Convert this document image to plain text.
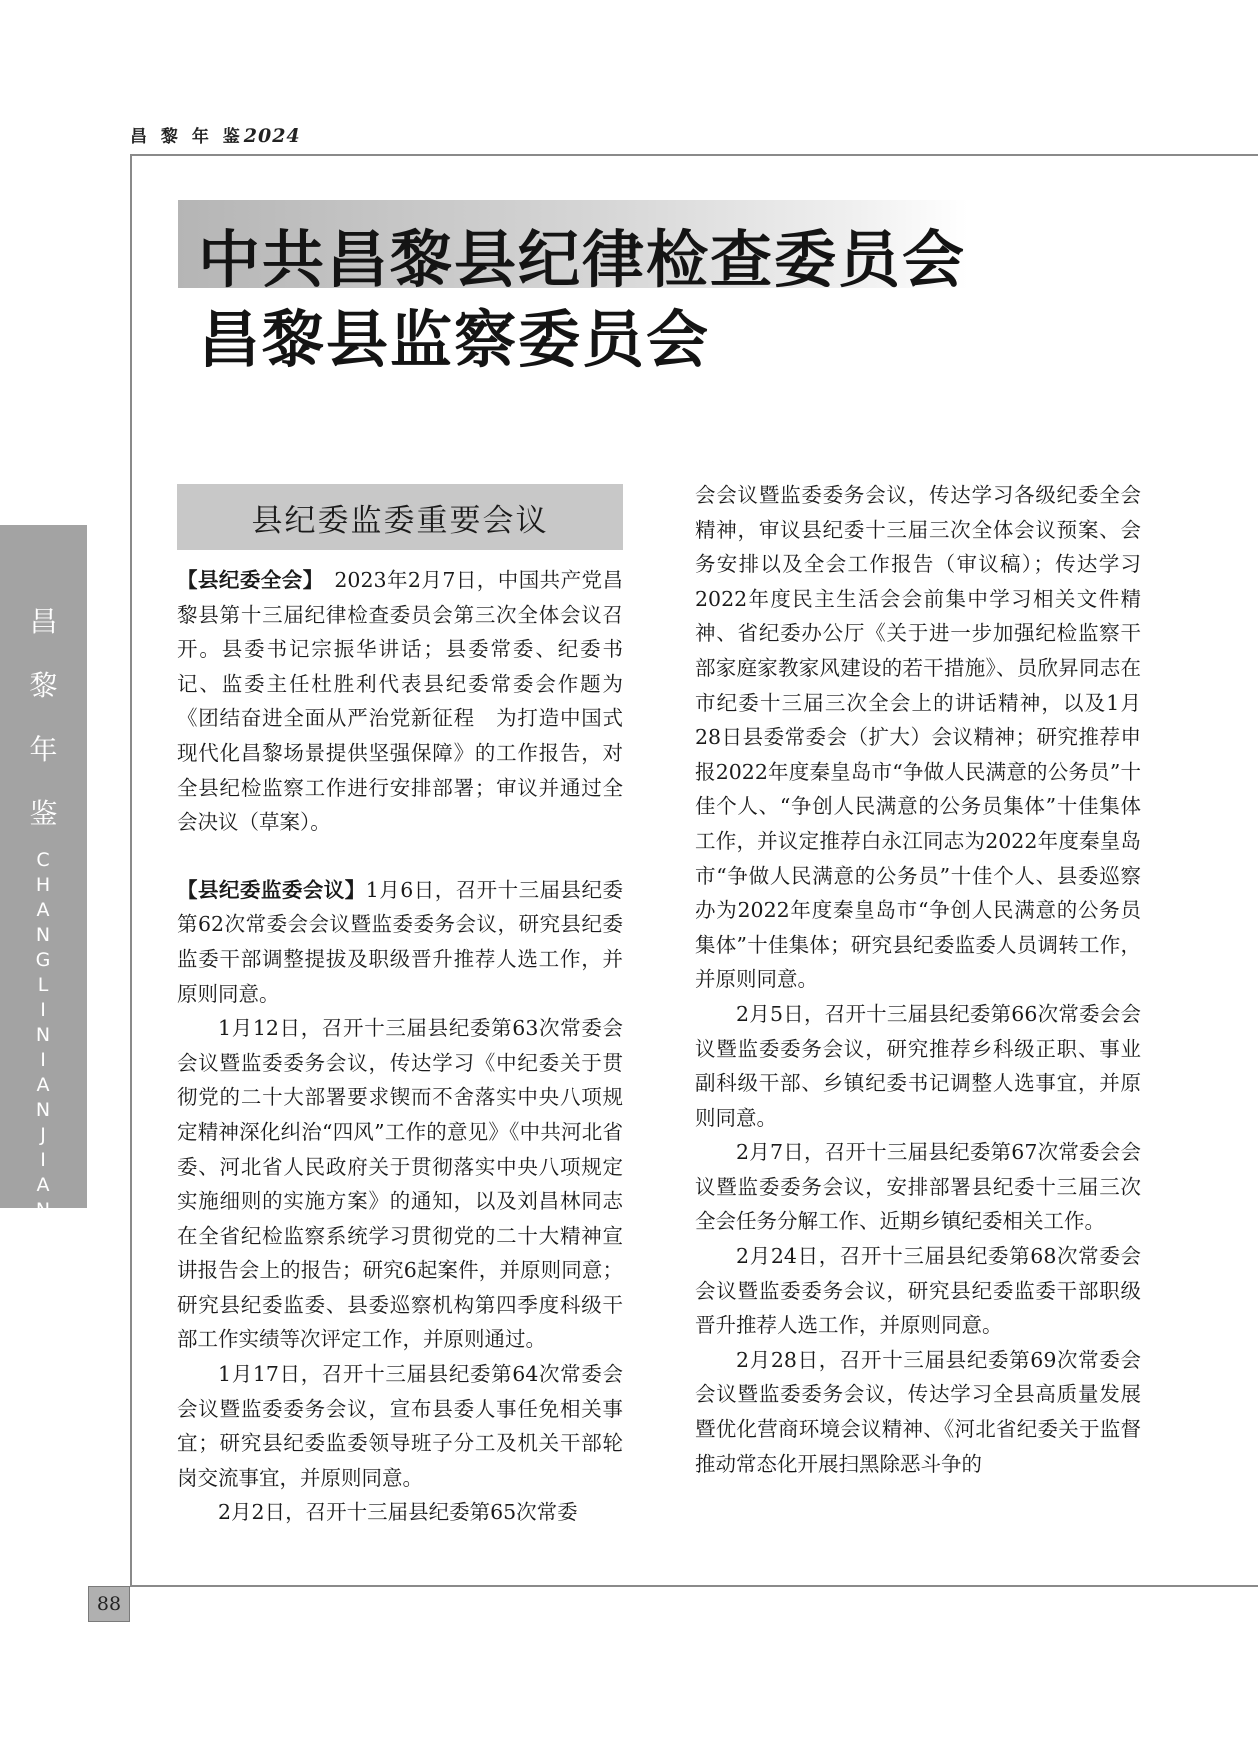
昌 黎 年 鉴2024
中共昌黎县纪律检查委员会
昌黎县监察委员会
昌
黎
年
鉴
C
H
A
N
G
L
I
N
I
A
N
J
I
A
N
县纪委监委重要会议

【县纪委全会】　2023年2月7日，中国共产党昌黎县第十三届纪律检查委员会第三次全体会议召开。县委书记宗振华讲话；县委常委、纪委书记、监委主任杜胜利代表县纪委常委会作题为《团结奋进全面从严治党新征程　为打造中国式现代化昌黎场景提供坚强保障》的工作报告，对全县纪检监察工作进行安排部署；审议并通过全会决议（草案）。

【县纪委监委会议】1月6日，召开十三届县纪委第62次常委会会议暨监委委务会议，研究县纪委监委干部调整提拔及职级晋升推荐人选工作，并原则同意。

1月12日，召开十三届县纪委第63次常委会会议暨监委委务会议，传达学习《中纪委关于贯彻党的二十大部署要求锲而不舍落实中央八项规定精神深化纠治“四风”工作的意见》《中共河北省委、河北省人民政府关于贯彻落实中央八项规定实施细则的实施方案》的通知，以及刘昌林同志在全省纪检监察系统学习贯彻党的二十大精神宣讲报告会上的报告；研究6起案件，并原则同意；研究县纪委监委、县委巡察机构第四季度科级干部工作实绩等次评定工作，并原则通过。

1月17日，召开十三届县纪委第64次常委会会议暨监委委务会议，宣布县委人事任免相关事宜；研究县纪委监委领导班子分工及机关干部轮岗交流事宜，并原则同意。

2月2日，召开十三届县纪委第65次常委

会会议暨监委委务会议，传达学习各级纪委全会精神，审议县纪委十三届三次全体会议预案、会务安排以及全会工作报告（审议稿）；传达学习2022年度民主生活会会前集中学习相关文件精神、省纪委办公厅《关于进一步加强纪检监察干部家庭家教家风建设的若干措施》、员欣昇同志在市纪委十三届三次全会上的讲话精神，以及1月28日县委常委会（扩大）会议精神；研究推荐申报2022年度秦皇岛市“争做人民满意的公务员”十佳个人、“争创人民满意的公务员集体”十佳集体工作，并议定推荐白永江同志为2022年度秦皇岛市“争做人民满意的公务员”十佳个人、县委巡察办为2022年度秦皇岛市“争创人民满意的公务员集体”十佳集体；研究县纪委监委人员调转工作，并原则同意。

2月5日，召开十三届县纪委第66次常委会会议暨监委委务会议，研究推荐乡科级正职、事业副科级干部、乡镇纪委书记调整人选事宜，并原则同意。

2月7日，召开十三届县纪委第67次常委会会议暨监委委务会议，安排部署县纪委十三届三次全会任务分解工作、近期乡镇纪委相关工作。

2月24日，召开十三届县纪委第68次常委会会议暨监委委务会议，研究县纪委监委干部职级晋升推荐人选工作，并原则同意。

2月28日，召开十三届县纪委第69次常委会会议暨监委委务会议，传达学习全县高质量发展暨优化营商环境会议精神、《河北省纪委关于监督推动常态化开展扫黑除恶斗争的

88
